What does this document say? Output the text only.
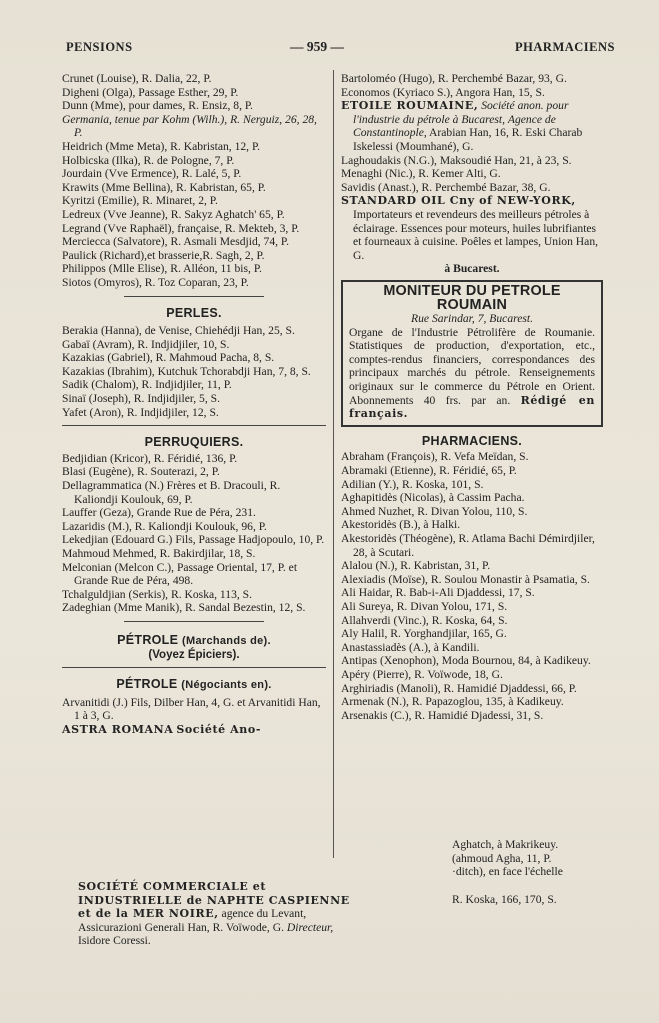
PENSIONS	— 959 —	PHARMACIENS
Crunet (Louise), R. Dalia, 22, P.
Digheni (Olga), Passage Esther, 29, P.
Dunn (Mme), pour dames, R. Ensiz, 8, P.
Germania, tenue par Kohm (Wilh.), R. Nerguiz, 26, 28, P.
Heidrich (Mme Meta), R. Kabristan, 12, P.
Holbicska (Ilka), R. de Pologne, 7, P.
Jourdain (Vve Ermence), R. Lalé, 5, P.
Krawits (Mme Bellina), R. Kabristan, 65, P.
Kyritzi (Emilie), R. Minaret, 2, P.
Ledreux (Vve Jeanne), R. Sakyz Aghatch' 65, P.
Legrand (Vve Raphaël), française, R. Mekteb, 3, P.
Merciecca (Salvatore), R. Asmali Mesdjid, 74, P.
Paulick (Richard),et brasserie,R. Sagh, 2, P.
Philippos (Mlle Elise), R. Alléon, 11 bis, P.
Siotos (Omyros), R. Toz Coparan, 23, P.
PERLES.
Berakia (Hanna), de Venise, Chiehédji Han, 25, S.
Gabaï (Avram), R. Indjidjiler, 10, S.
Kazakias (Gabriel), R. Mahmoud Pacha, 8, S.
Kazakias (Ibrahim), Kutchuk Tchorabdji Han, 7, 8, S.
Sadik (Chalom), R. Indjidjiler, 11, P.
Sinaï (Joseph), R. Indjidjiler, 5, S.
Yafet (Aron), R. Indjidjiler, 12, S.
PERRUQUIERS.
Bedjidian (Kricor), R. Féridié, 136, P.
Blasi (Eugène), R. Souterazi, 2, P.
Dellagrammatica (N.) Frères et B. Dracouli, R. Kaliondji Koulouk, 69, P.
Lauffer (Geza), Grande Rue de Péra, 231.
Lazaridis (M.), R. Kaliondji Koulouk, 96, P.
Lekedjian (Edouard G.) Fils, Passage Hadjopoulo, 10, P.
Mahmoud Mehmed, R. Bakirdjilar, 18, S.
Melconian (Melcon C.), Passage Oriental, 17, P. et Grande Rue de Péra, 498.
Tchalguldjian (Serkis), R. Koska, 113, S.
Zadeghian (Mme Manik), R. Sandal Bezestin, 12, S.
PÉTROLE (Marchands de).
(Voyez Épiciers).
PÉTROLE (Négociants en).
Arvanitidi (J.) Fils, Dilber Han, 4, G. et Arvanitidi Han, 1 à 3, G.
ASTRA ROMANA Société Ano-
Bartoloméo (Hugo), R. Perchembé Bazar, 93, G.
Economos (Kyriaco S.), Angora Han, 15, S.
ETOILE ROUMAINE, Société anon. pour l'industrie du pétrole à Bucarest, Agence de Constantinople, Arabian Han, 16, R. Eski Charab Iskelessi (Moumhané), G.
Laghoudakis (N.G.), Maksoudié Han, 21, à 23, S.
Menaghi (Nic.), R. Kemer Alti, G.
Savidis (Anast.), R. Perchembé Bazar, 38, G.
STANDARD OIL Cny of NEW-YORK, Importateurs et revendeurs des meilleurs pétroles à éclairage. Essences pour moteurs, huiles lubrifiantes et fourneaux à cuisine. Poêles et lampes, Union Han, G.
à Bucarest.
MONITEUR DU PETROLE ROUMAIN
Rue Sarindar, 7, Bucarest.
Organe de l'Industrie Pétrolifère de Roumanie. Statistiques de production, d'exportation, etc., comptes-rendus financiers, correspondances des principaux marchés du pétrole. Renseignements originaux sur le commerce du Pétrole en Orient. Abonnements 40 frs. par an. Rédigé en français.
PHARMACIENS.
Abraham (François), R. Vefa Meïdan, S.
Abramaki (Etienne), R. Féridié, 65, P.
Adilian (Y.), R. Koska, 101, S.
Aghapitidès (Nicolas), à Cassim Pacha.
Ahmed Nuzhet, R. Divan Yolou, 110, S.
Akestoridès (B.), à Halki.
Akestoridès (Théogène), R. Atlama Bachi Démirdjiler, 28, à Scutari.
Alalou (N.), R. Kabristan, 31, P.
Alexiadis (Moïse), R. Soulou Monastir à Psamatia, S.
Ali Haidar, R. Bab-i-Ali Djaddessi, 17, S.
Ali Sureya, R. Divan Yolou, 171, S.
Allahverdi (Vinc.), R. Koska, 64, S.
Aly Halil, R. Yorghandjilar, 165, G.
Anastassiadès (A.), à Kandili.
Antipas (Xenophon), Moda Bournou, 84, à Kadikeuy.
Apéry (Pierre), R. Voïwode, 18, G.
Arghiriadis (Manoli), R. Hamidié Djaddessi, 66, P.
Armenak (N.), R. Papazoglou, 135, à Kadikeuy.
Arsenakis (C.), R. Hamidié Djadessi, 31, S.
Aghatch, à Makrikeuy.
(ahmoud Agha, 11, P.
·ditch), en face l'échelle
R. Koska, 166, 170, S.
SOCIÉTÉ COMMERCIALE et INDUSTRIELLE de NAPHTE CASPIENNE et de la MER NOIRE, agence du Levant, Assicurazioni Generali Han, R. Voïwode, G. Directeur, Isidore Coressi.
